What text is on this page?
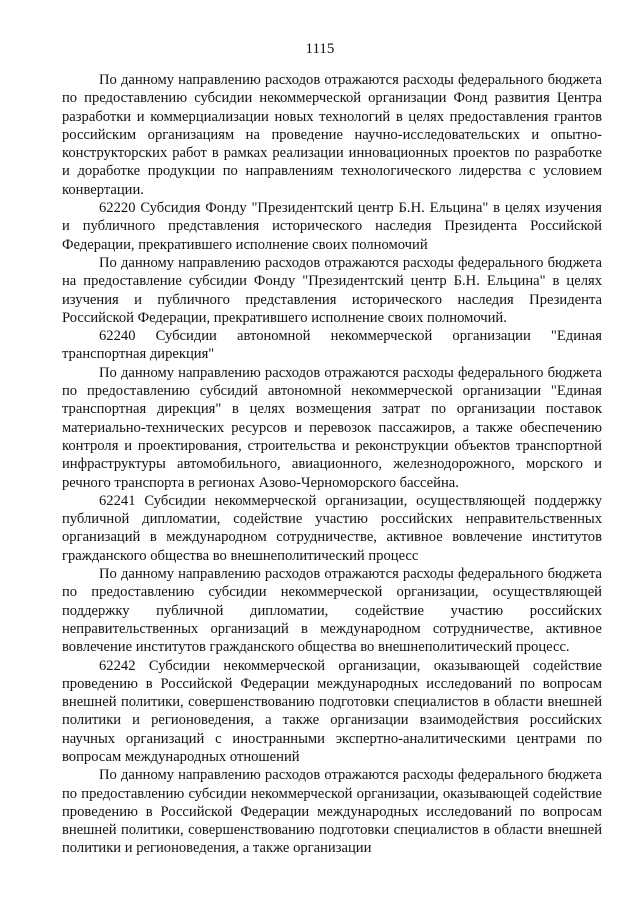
1115

По данному направлению расходов отражаются расходы федерального бюджета по предоставлению субсидии некоммерческой организации Фонд развития Центра разработки и коммерциализации новых технологий в целях предоставления грантов российским организациям на проведение научно-исследовательских и опытно-конструкторских работ в рамках реализации инновационных проектов по разработке и доработке продукции по направлениям технологического лидерства с условием конвертации.

62220 Субсидия Фонду "Президентский центр Б.Н. Ельцина" в целях изучения и публичного представления исторического наследия Президента Российской Федерации, прекратившего исполнение своих полномочий

По данному направлению расходов отражаются расходы федерального бюджета на предоставление субсидии Фонду "Президентский центр Б.Н. Ельцина" в целях изучения и публичного представления исторического наследия Президента Российской Федерации, прекратившего исполнение своих полномочий.

62240 Субсидии автономной некоммерческой организации "Единая транспортная дирекция"

По данному направлению расходов отражаются расходы федерального бюджета по предоставлению субсидий автономной некоммерческой организации "Единая транспортная дирекция" в целях возмещения затрат по организации поставок материально-технических ресурсов и перевозок пассажиров, а также обеспечению контроля и проектирования, строительства и реконструкции объектов транспортной инфраструктуры автомобильного, авиационного, железнодорожного, морского и речного транспорта в регионах Азово-Черноморского бассейна.

62241 Субсидии некоммерческой организации, осуществляющей поддержку публичной дипломатии, содействие участию российских неправительственных организаций в международном сотрудничестве, активное вовлечение институтов гражданского общества во внешнеполитический процесс

По данному направлению расходов отражаются расходы федерального бюджета по предоставлению субсидии некоммерческой организации, осуществляющей поддержку публичной дипломатии, содействие участию российских неправительственных организаций в международном сотрудничестве, активное вовлечение институтов гражданского общества во внешнеполитический процесс.

62242 Субсидии некоммерческой организации, оказывающей содействие проведению в Российской Федерации международных исследований по вопросам внешней политики, совершенствованию подготовки специалистов в области внешней политики и регионоведения, а также организации взаимодействия российских научных организаций с иностранными экспертно-аналитическими центрами по вопросам международных отношений

По данному направлению расходов отражаются расходы федерального бюджета по предоставлению субсидии некоммерческой организации, оказывающей содействие проведению в Российской Федерации международных исследований по вопросам внешней политики, совершенствованию подготовки специалистов в области внешней политики и регионоведения, а также организации
